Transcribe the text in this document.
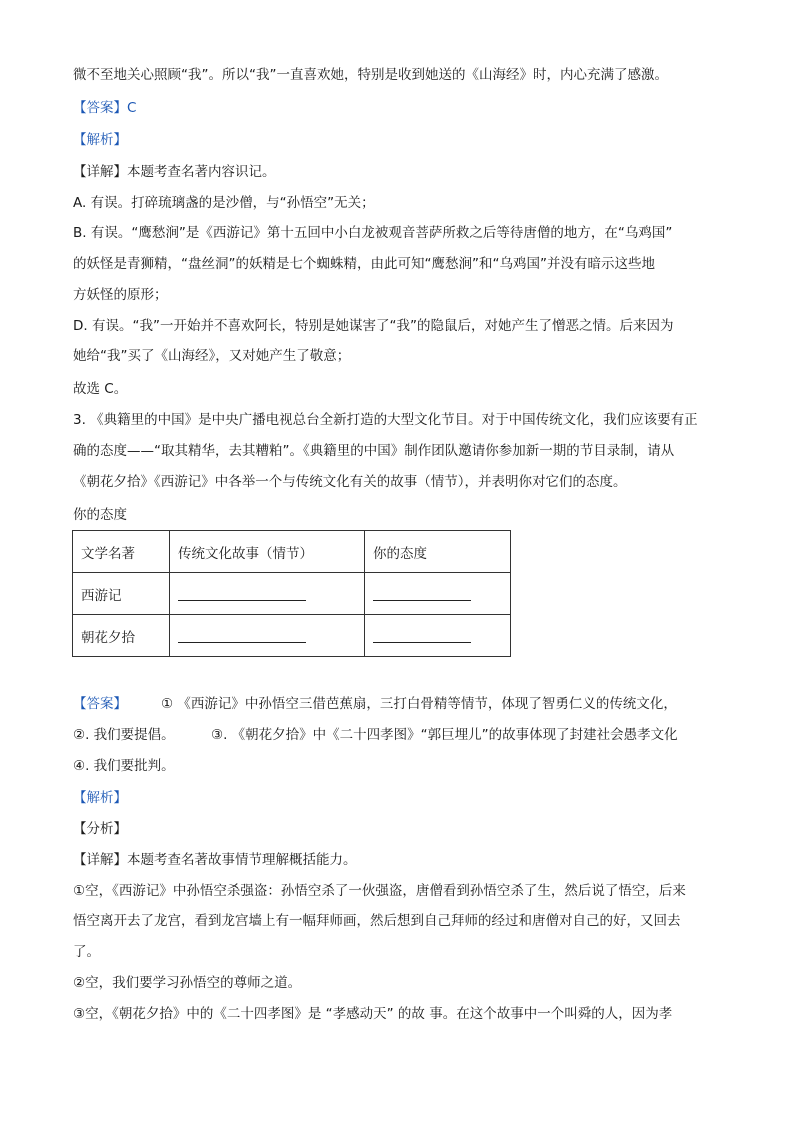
微不至地关心照顾“我”。所以“我”一直喜欢她，特别是收到她送的《山海经》时，内心充满了感激。
【答案】C
【解析】
【详解】本题考查名著内容识记。
A. 有误。打碎琉璃盏的是沙僧，与“孙悟空”无关；
B. 有误。“鹰愁涧”是《西游记》第十五回中小白龙被观音菩萨所救之后等待唐僧的地方，在“乌鸡国”
的妖怪是青狮精，“盘丝洞”的妖精是七个蜘蛛精，由此可知“鹰愁涧”和“乌鸡国”并没有暗示这些地
方妖怪的原形；
D. 有误。“我”一开始并不喜欢阿长，特别是她谋害了“我”的隐鼠后，对她产生了憎恶之情。后来因为
她给“我”买了《山海经》，又对她产生了敬意；
故选 C。
3. 《典籍里的中国》是中央广播电视总台全新打造的大型文化节目。对于中国传统文化，我们应该要有正
确的态度——“取其精华，去其糟粕”。《典籍里的中国》制作团队邀请你参加新一期的节目录制，请从
《朝花夕拾》《西游记》中各举一个与传统文化有关的故事（情节），并表明你对它们的态度。
你的态度
文学名著	传统文化故事（情节）	你的态度
西游记		
朝花夕拾		
【答案】	① 《西游记》中孙悟空三借芭蕉扇，三打白骨精等情节，体现了智勇仁义的传统文化，
②. 我们要提倡。	③. 《朝花夕拾》中《二十四孝图》“郭巨埋儿”的故事体现了封建社会愚孝文化
④. 我们要批判。
【解析】
【分析】
【详解】本题考查名著故事情节理解概括能力。
①空，《西游记》中孙悟空杀强盗：孙悟空杀了一伙强盗，唐僧看到孙悟空杀了生，然后说了悟空，后来
悟空离开去了龙宫，看到龙宫墙上有一幅拜师画，然后想到自己拜师的经过和唐僧对自己的好，又回去
了。
②空，我们要学习孙悟空的尊师之道。
③空，《朝花夕拾》中的《二十四孝图》是 “孝感动天” 的故 事。在这个故事中一个叫舜的人，因为孝
